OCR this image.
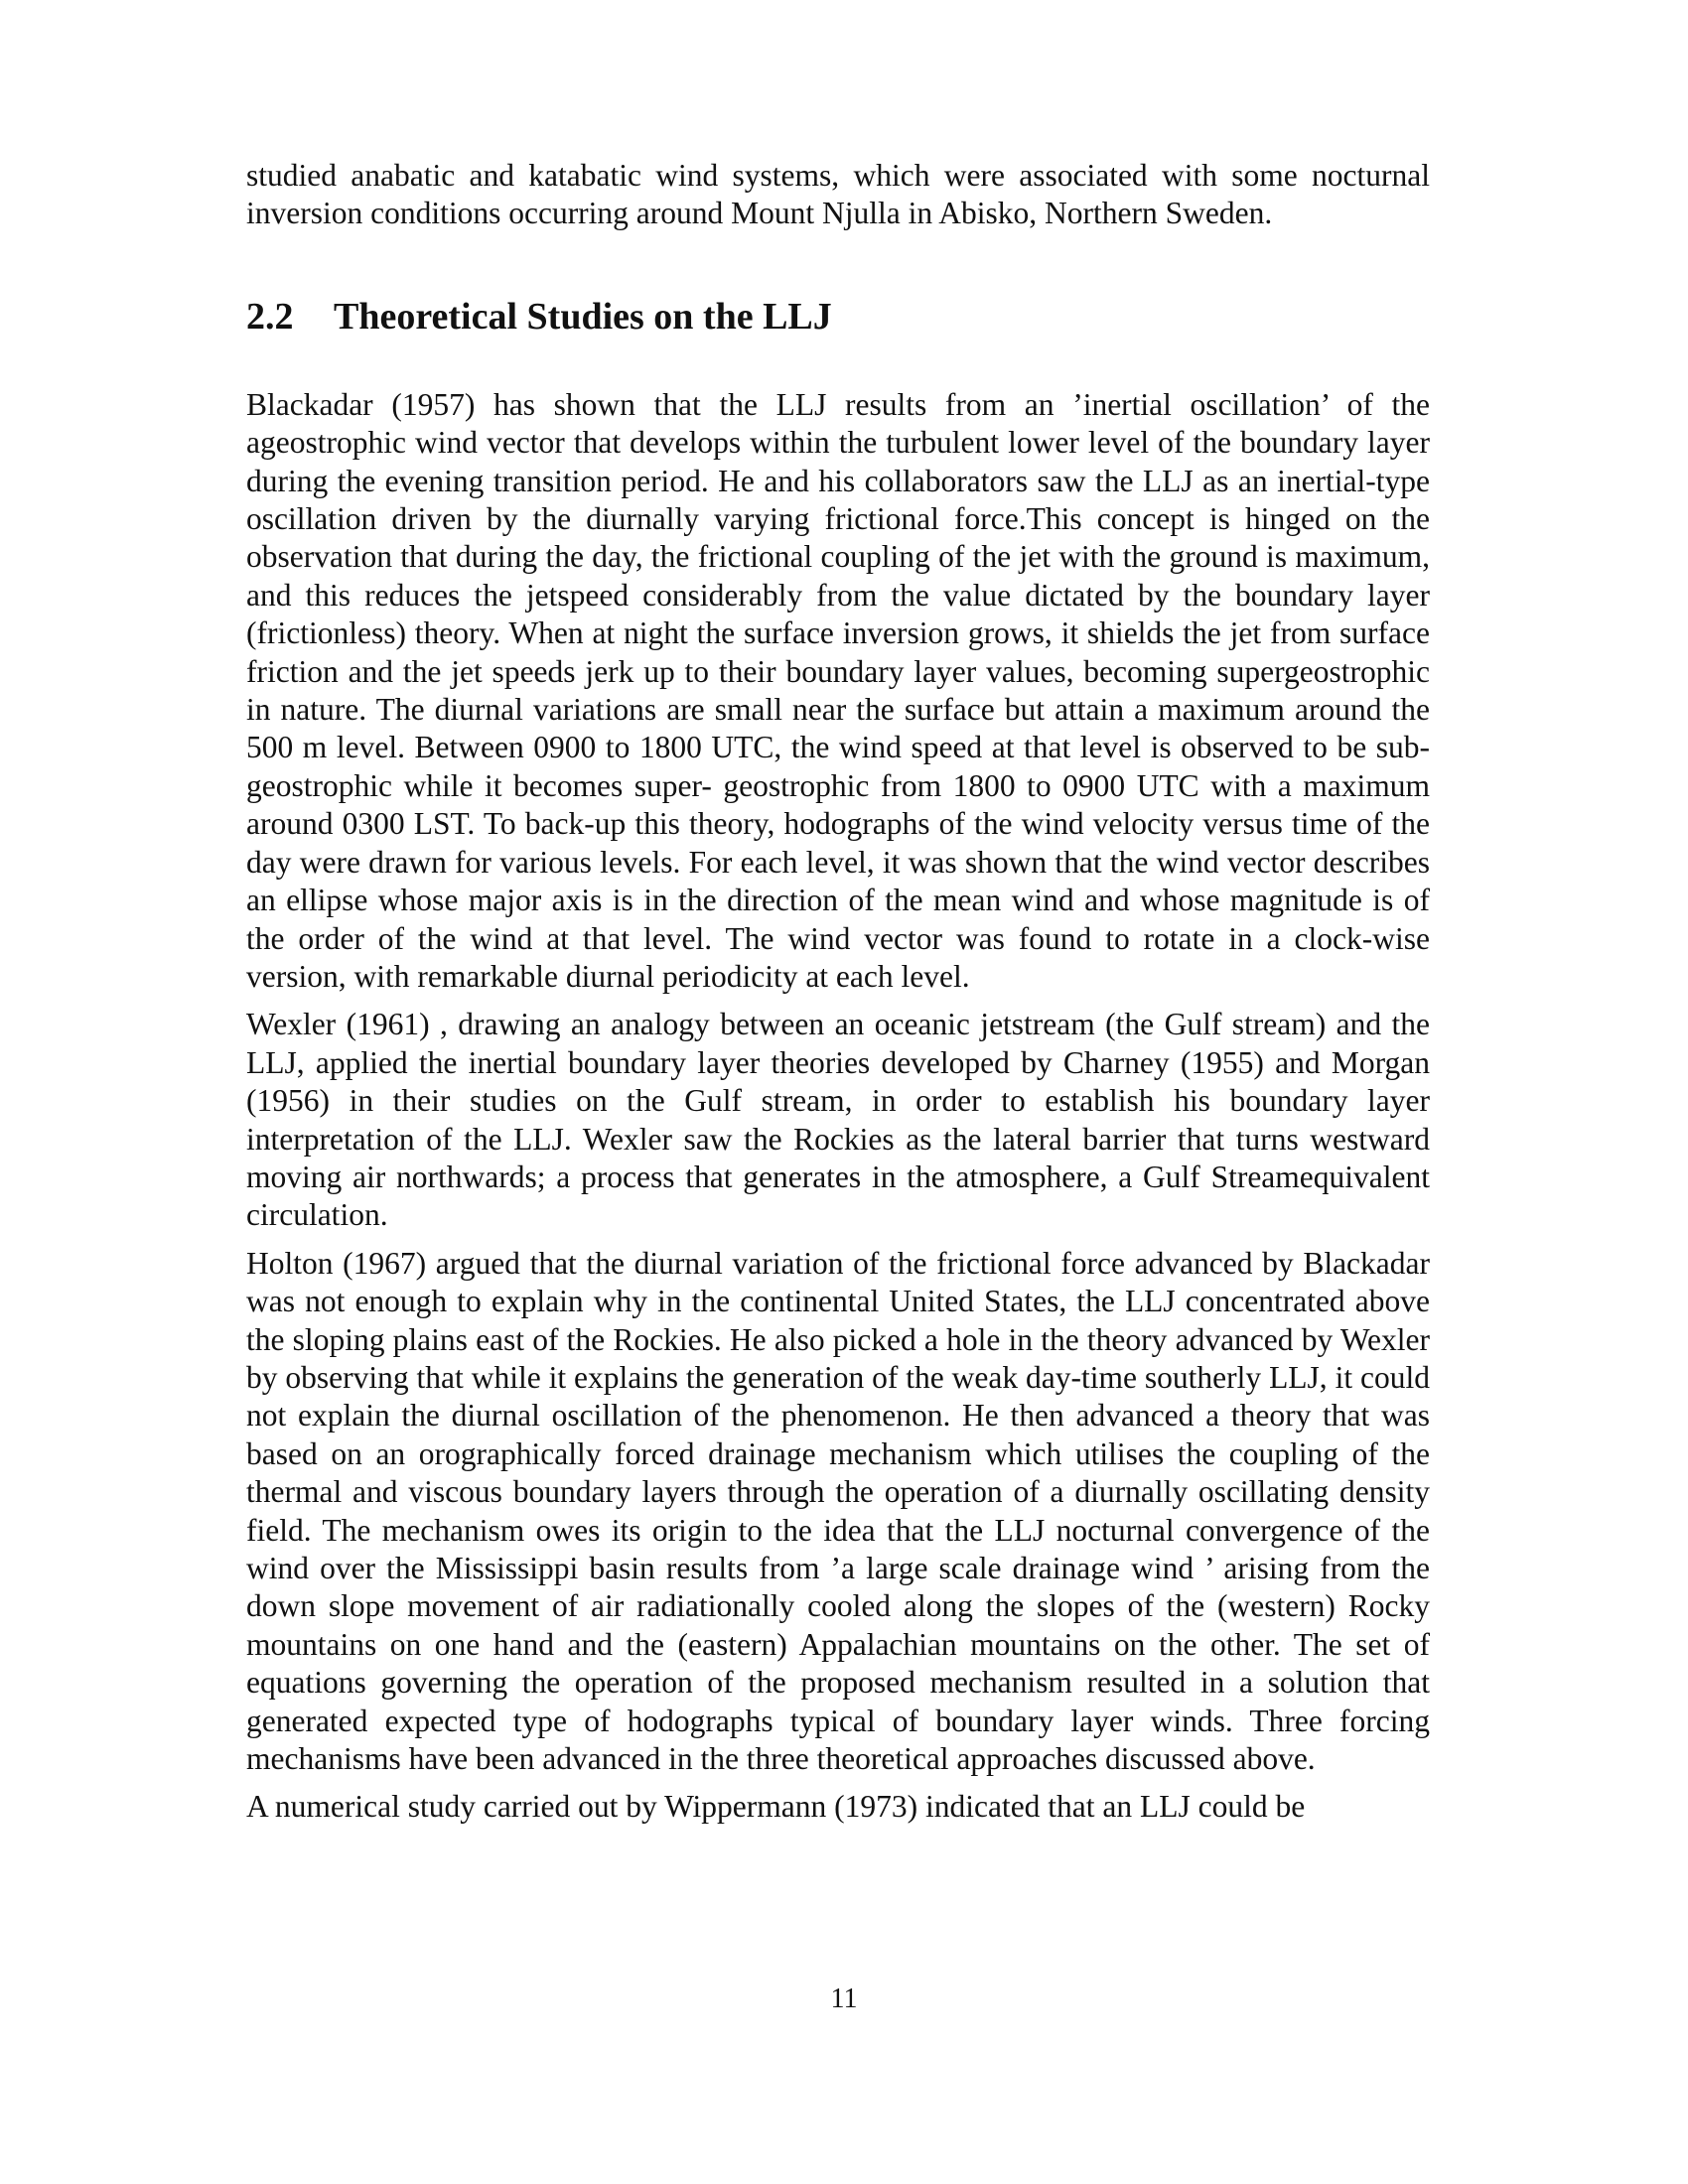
studied anabatic and katabatic wind systems, which were associated with some nocturnal inversion conditions occurring around Mount Njulla in Abisko, Northern Sweden.

2.2	Theoretical Studies on the LLJ

Blackadar (1957) has shown that the LLJ results from an ’inertial oscillation’ of the ageostrophic wind vector that develops within the turbulent lower level of the boundary layer during the evening transition period. He and his collaborators saw the LLJ as an inertial-type oscillation driven by the diurnally varying frictional force.This concept is hinged on the observation that during the day, the frictional coupling of the jet with the ground is maximum, and this reduces the jetspeed considerably from the value dictated by the boundary layer (frictionless) theory. When at night the surface inversion grows, it shields the jet from surface friction and the jet speeds jerk up to their boundary layer values, becoming supergeostrophic in nature. The diurnal variations are small near the surface but attain a maximum around the 500 m level. Between 0900 to 1800 UTC, the wind speed at that level is observed to be sub- geostrophic while it becomes super- geostrophic from 1800 to 0900 UTC with a maximum around 0300 LST. To back-up this theory, hodographs of the wind velocity versus time of the day were drawn for various levels. For each level, it was shown that the wind vector describes an ellipse whose major axis is in the direction of the mean wind and whose magnitude is of the order of the wind at that level. The wind vector was found to rotate in a clock-wise version, with remarkable diurnal periodicity at each level.

Wexler (1961) , drawing an analogy between an oceanic jetstream (the Gulf stream) and the LLJ, applied the inertial boundary layer theories developed by Charney (1955) and Morgan (1956) in their studies on the Gulf stream, in order to establish his boundary layer interpretation of the LLJ. Wexler saw the Rockies as the lateral barrier that turns westward moving air northwards; a process that generates in the atmosphere, a Gulf Streamequivalent circulation.

Holton (1967) argued that the diurnal variation of the frictional force advanced by Blackadar was not enough to explain why in the continental United States, the LLJ concentrated above the sloping plains east of the Rockies. He also picked a hole in the theory advanced by Wexler by observing that while it explains the generation of the weak day-time southerly LLJ, it could not explain the diurnal oscillation of the phenomenon. He then advanced a theory that was based on an orographically forced drainage mechanism which utilises the coupling of the thermal and viscous boundary layers through the operation of a diurnally oscillating density field. The mechanism owes its origin to the idea that the LLJ nocturnal convergence of the wind over the Mississippi basin results from ’a large scale drainage wind ’ arising from the down slope movement of air radiationally cooled along the slopes of the (western) Rocky mountains on one hand and the (eastern) Appalachian mountains on the other. The set of equations governing the operation of the proposed mechanism resulted in a solution that generated expected type of hodographs typical of boundary layer winds. Three forcing mechanisms have been advanced in the three theoretical approaches discussed above.

A numerical study carried out by Wippermann (1973) indicated that an LLJ could be

11
